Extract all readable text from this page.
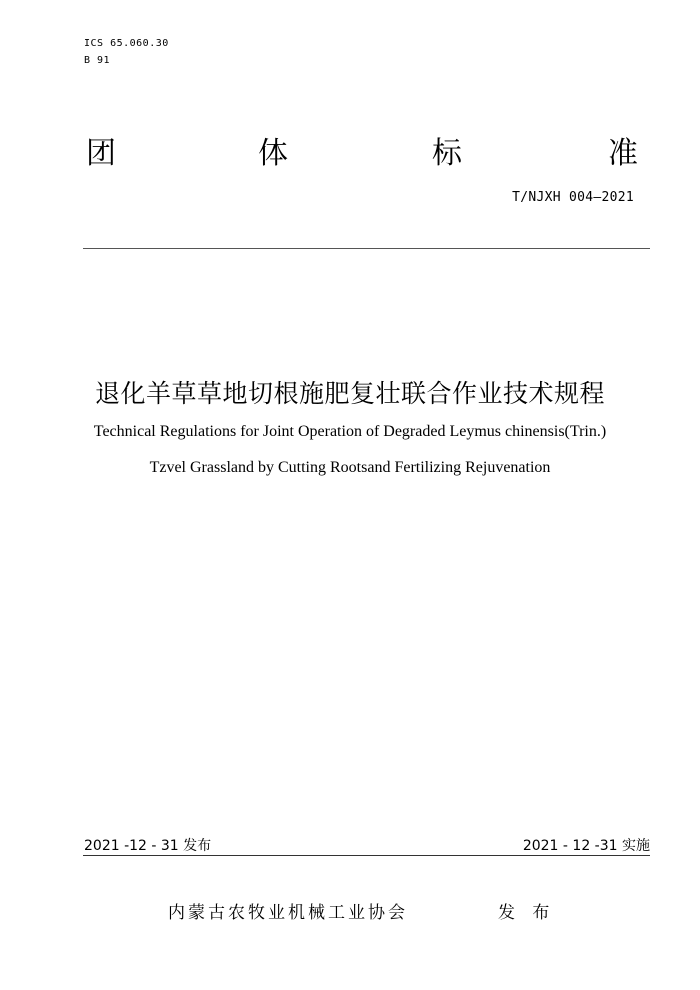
ICS 65.060.30
B 91
团	体	标	准
T/NJXH 004—2021
退化羊草草地切根施肥复壮联合作业技术规程
Technical Regulations for Joint Operation of Degraded Leymus chinensis(Trin.)
Tzvel Grassland by Cutting Rootsand Fertilizing Rejuvenation
2021 -12 - 31 发布	2021 - 12 -31 实施
内蒙古农牧业机械工业协会	发 布
